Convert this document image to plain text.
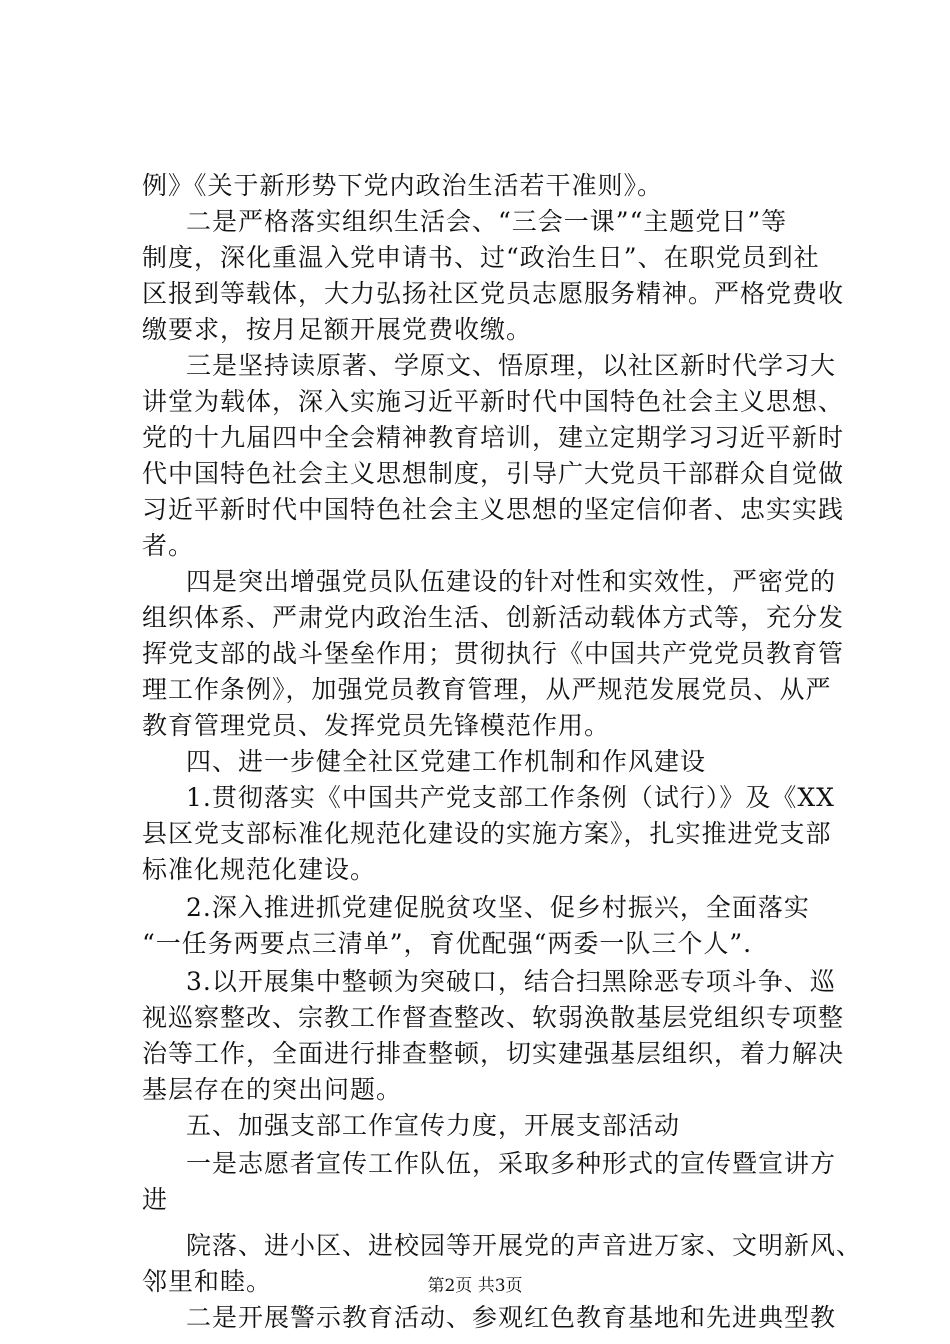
例》《关于新形势下党内政治生活若干准则》。
二是严格落实组织生活会、“三会一课”“主题党日”等
制度，深化重温入党申请书、过“政治生日”、在职党员到社
区报到等载体，大力弘扬社区党员志愿服务精神。严格党费收
缴要求，按月足额开展党费收缴。
三是坚持读原著、学原文、悟原理，以社区新时代学习大
讲堂为载体，深入实施习近平新时代中国特色社会主义思想、
党的十九届四中全会精神教育培训，建立定期学习习近平新时
代中国特色社会主义思想制度，引导广大党员干部群众自觉做
习近平新时代中国特色社会主义思想的坚定信仰者、忠实实践
者。
四是突出增强党员队伍建设的针对性和实效性，严密党的
组织体系、严肃党内政治生活、创新活动载体方式等，充分发
挥党支部的战斗堡垒作用；贯彻执行《中国共产党党员教育管
理工作条例》，加强党员教育管理，从严规范发展党员、从严
教育管理党员、发挥党员先锋模范作用。
四、进一步健全社区党建工作机制和作风建设
1.贯彻落实《中国共产党支部工作条例（试行）》及《XX
县区党支部标准化规范化建设的实施方案》，扎实推进党支部
标准化规范化建设。
2.深入推进抓党建促脱贫攻坚、促乡村振兴，全面落实
“一任务两要点三清单”，育优配强“两委一队三个人”.
3.以开展集中整顿为突破口，结合扫黑除恶专项斗争、巡
视巡察整改、宗教工作督查整改、软弱涣散基层党组织专项整
治等工作，全面进行排查整顿，切实建强基层组织，着力解决
基层存在的突出问题。
五、加强支部工作宣传力度，开展支部活动
一是志愿者宣传工作队伍，采取多种形式的宣传暨宣讲方
进
院落、进小区、进校园等开展党的声音进万家、文明新风、
邻里和睦。
二是开展警示教育活动、参观红色教育基地和先进典型教
第2页 共3页
